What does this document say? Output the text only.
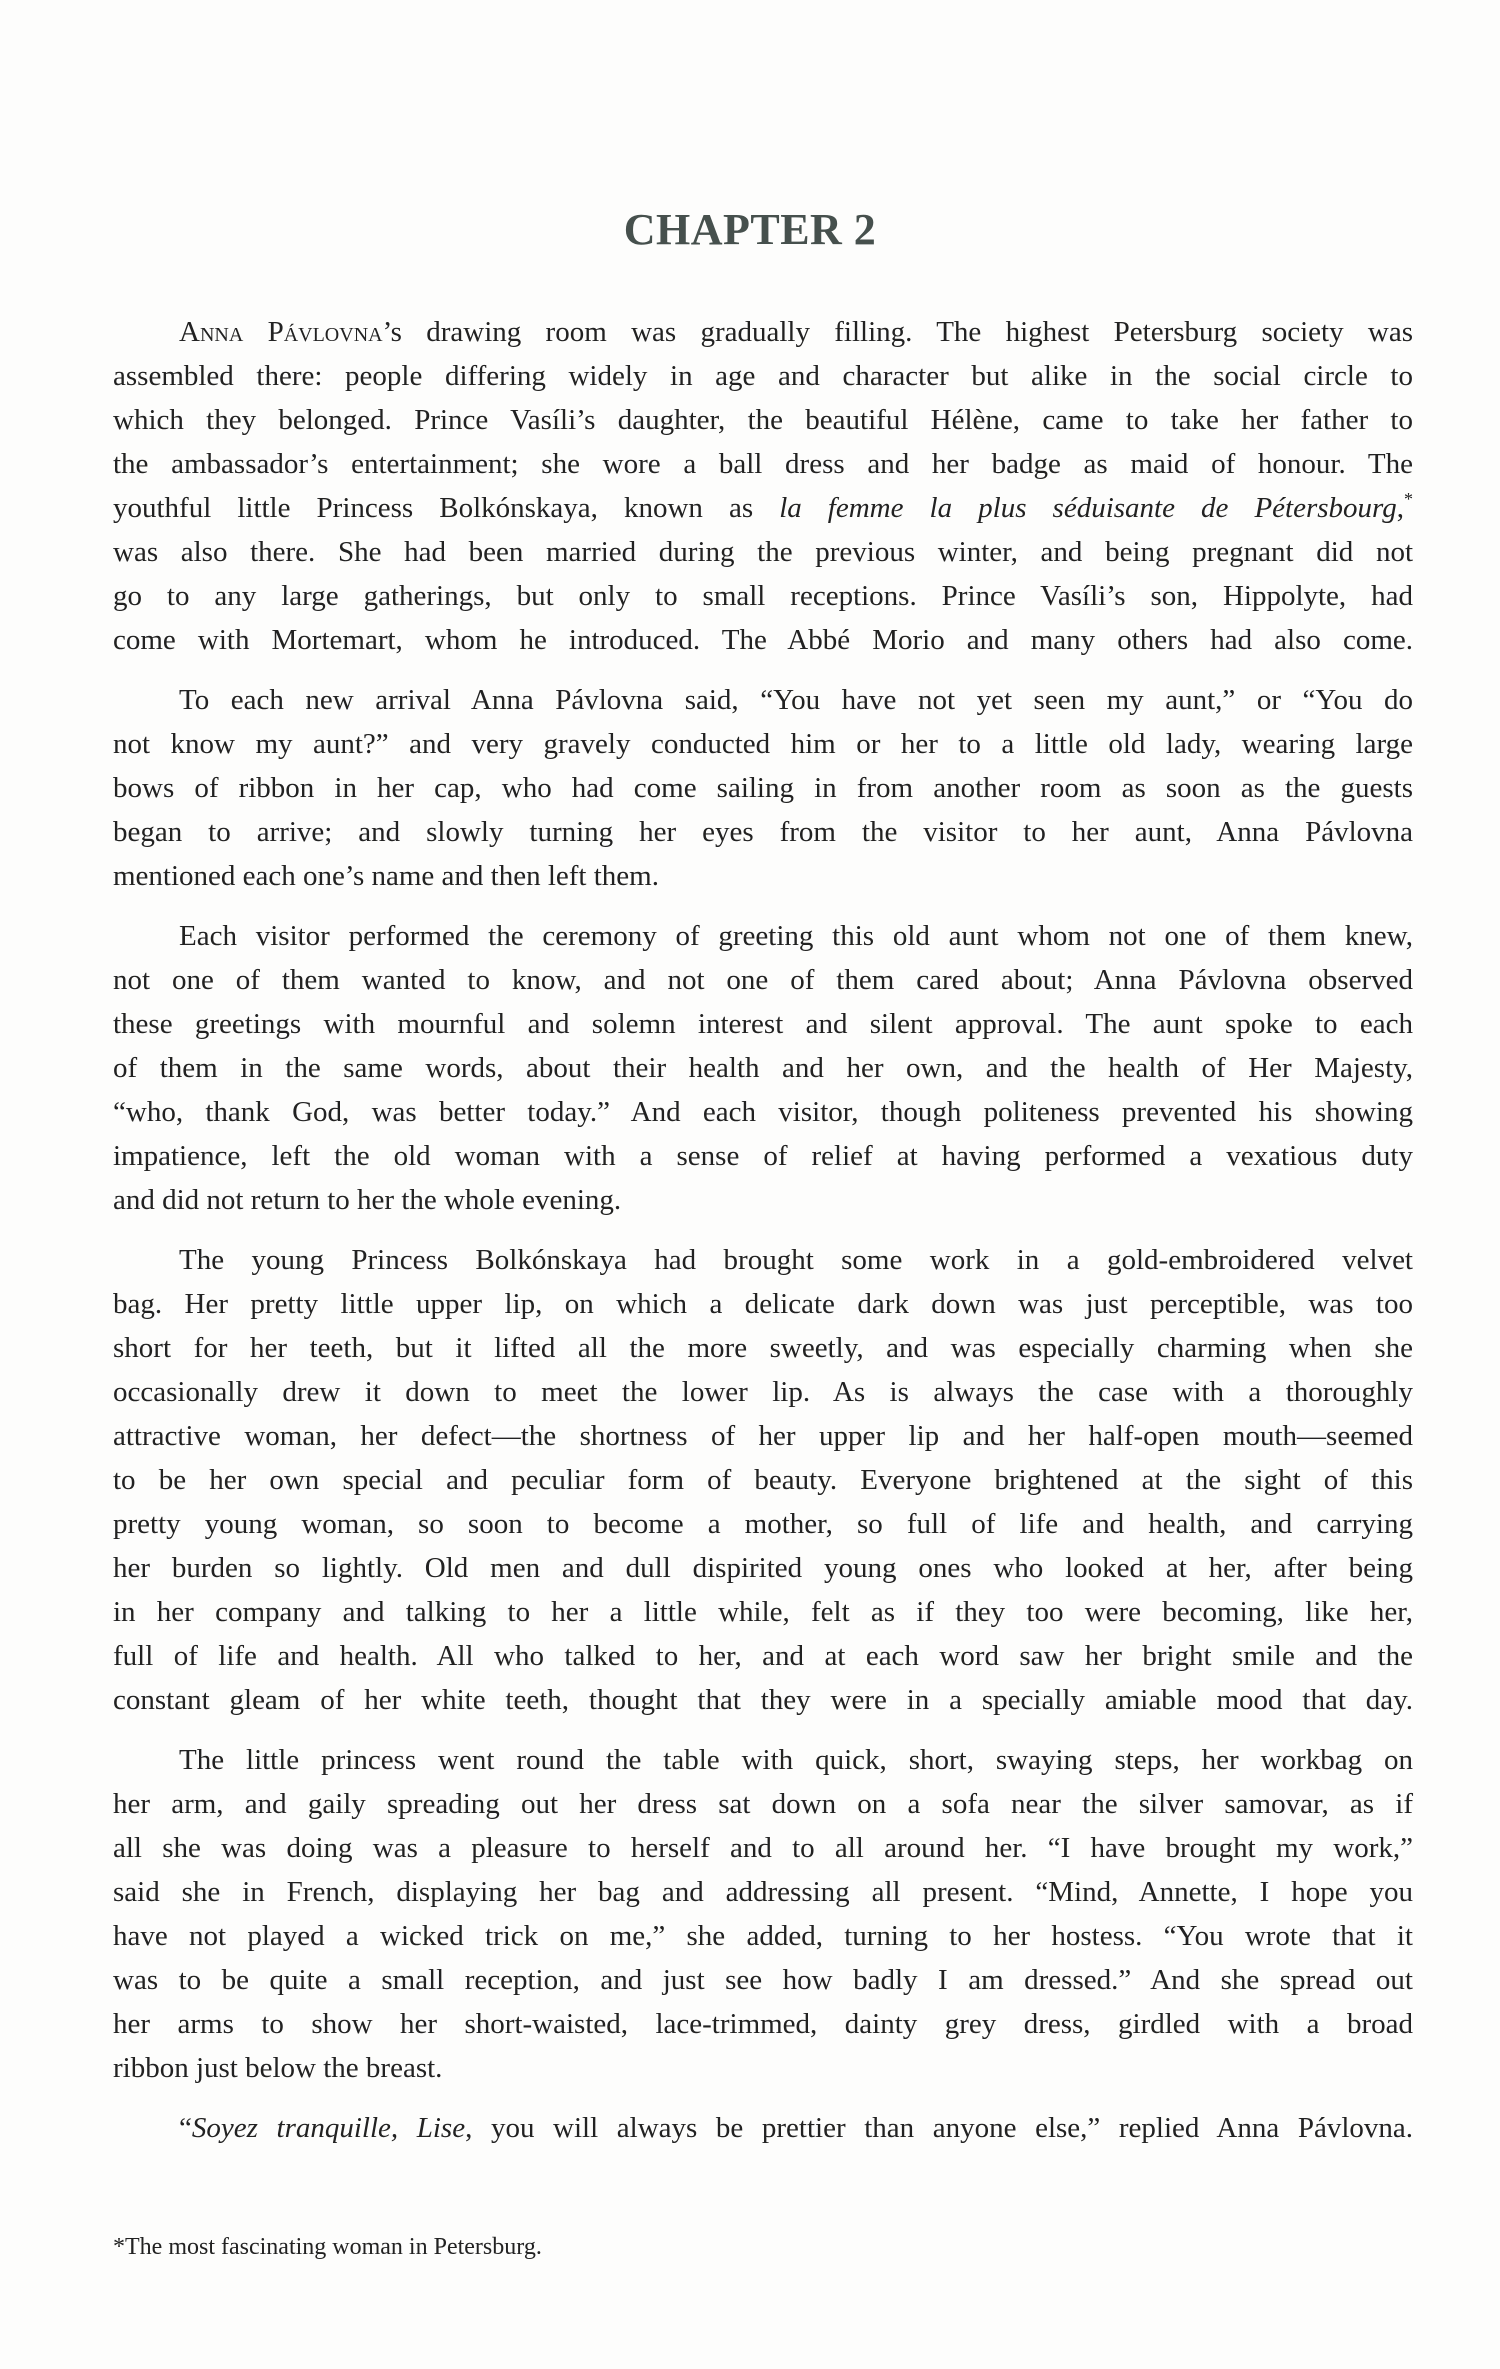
CHAPTER 2
Anna Pávlovna’s drawing room was gradually filling. The highest Petersburg society was
assembled there: people differing widely in age and character but alike in the social circle to
which they belonged. Prince Vasíli’s daughter, the beautiful Hélène, came to take her father to
the ambassador’s entertainment; she wore a ball dress and her badge as maid of honour. The
youthful little Princess Bolkónskaya, known as la femme la plus séduisante de Pétersbourg,*
was also there. She had been married during the previous winter, and being pregnant did not
go to any large gatherings, but only to small receptions. Prince Vasíli’s son, Hippolyte, had
come with Mortemart, whom he introduced. The Abbé Morio and many others had also come.
To each new arrival Anna Pávlovna said, “You have not yet seen my aunt,” or “You do
not know my aunt?” and very gravely conducted him or her to a little old lady, wearing large
bows of ribbon in her cap, who had come sailing in from another room as soon as the guests
began to arrive; and slowly turning her eyes from the visitor to her aunt, Anna Pávlovna
mentioned each one’s name and then left them.
Each visitor performed the ceremony of greeting this old aunt whom not one of them knew,
not one of them wanted to know, and not one of them cared about; Anna Pávlovna observed
these greetings with mournful and solemn interest and silent approval. The aunt spoke to each
of them in the same words, about their health and her own, and the health of Her Majesty,
“who, thank God, was better today.” And each visitor, though politeness prevented his showing
impatience, left the old woman with a sense of relief at having performed a vexatious duty
and did not return to her the whole evening.
The young Princess Bolkónskaya had brought some work in a gold-embroidered velvet
bag. Her pretty little upper lip, on which a delicate dark down was just perceptible, was too
short for her teeth, but it lifted all the more sweetly, and was especially charming when she
occasionally drew it down to meet the lower lip. As is always the case with a thoroughly
attractive woman, her defect—the shortness of her upper lip and her half-open mouth—seemed
to be her own special and peculiar form of beauty. Everyone brightened at the sight of this
pretty young woman, so soon to become a mother, so full of life and health, and carrying
her burden so lightly. Old men and dull dispirited young ones who looked at her, after being
in her company and talking to her a little while, felt as if they too were becoming, like her,
full of life and health. All who talked to her, and at each word saw her bright smile and the
constant gleam of her white teeth, thought that they were in a specially amiable mood that day.
The little princess went round the table with quick, short, swaying steps, her workbag on
her arm, and gaily spreading out her dress sat down on a sofa near the silver samovar, as if
all she was doing was a pleasure to herself and to all around her. “I have brought my work,”
said she in French, displaying her bag and addressing all present. “Mind, Annette, I hope you
have not played a wicked trick on me,” she added, turning to her hostess. “You wrote that it
was to be quite a small reception, and just see how badly I am dressed.” And she spread out
her arms to show her short-waisted, lace-trimmed, dainty grey dress, girdled with a broad
ribbon just below the breast.
“Soyez tranquille, Lise, you will always be prettier than anyone else,” replied Anna Pávlovna.
*The most fascinating woman in Petersburg.
